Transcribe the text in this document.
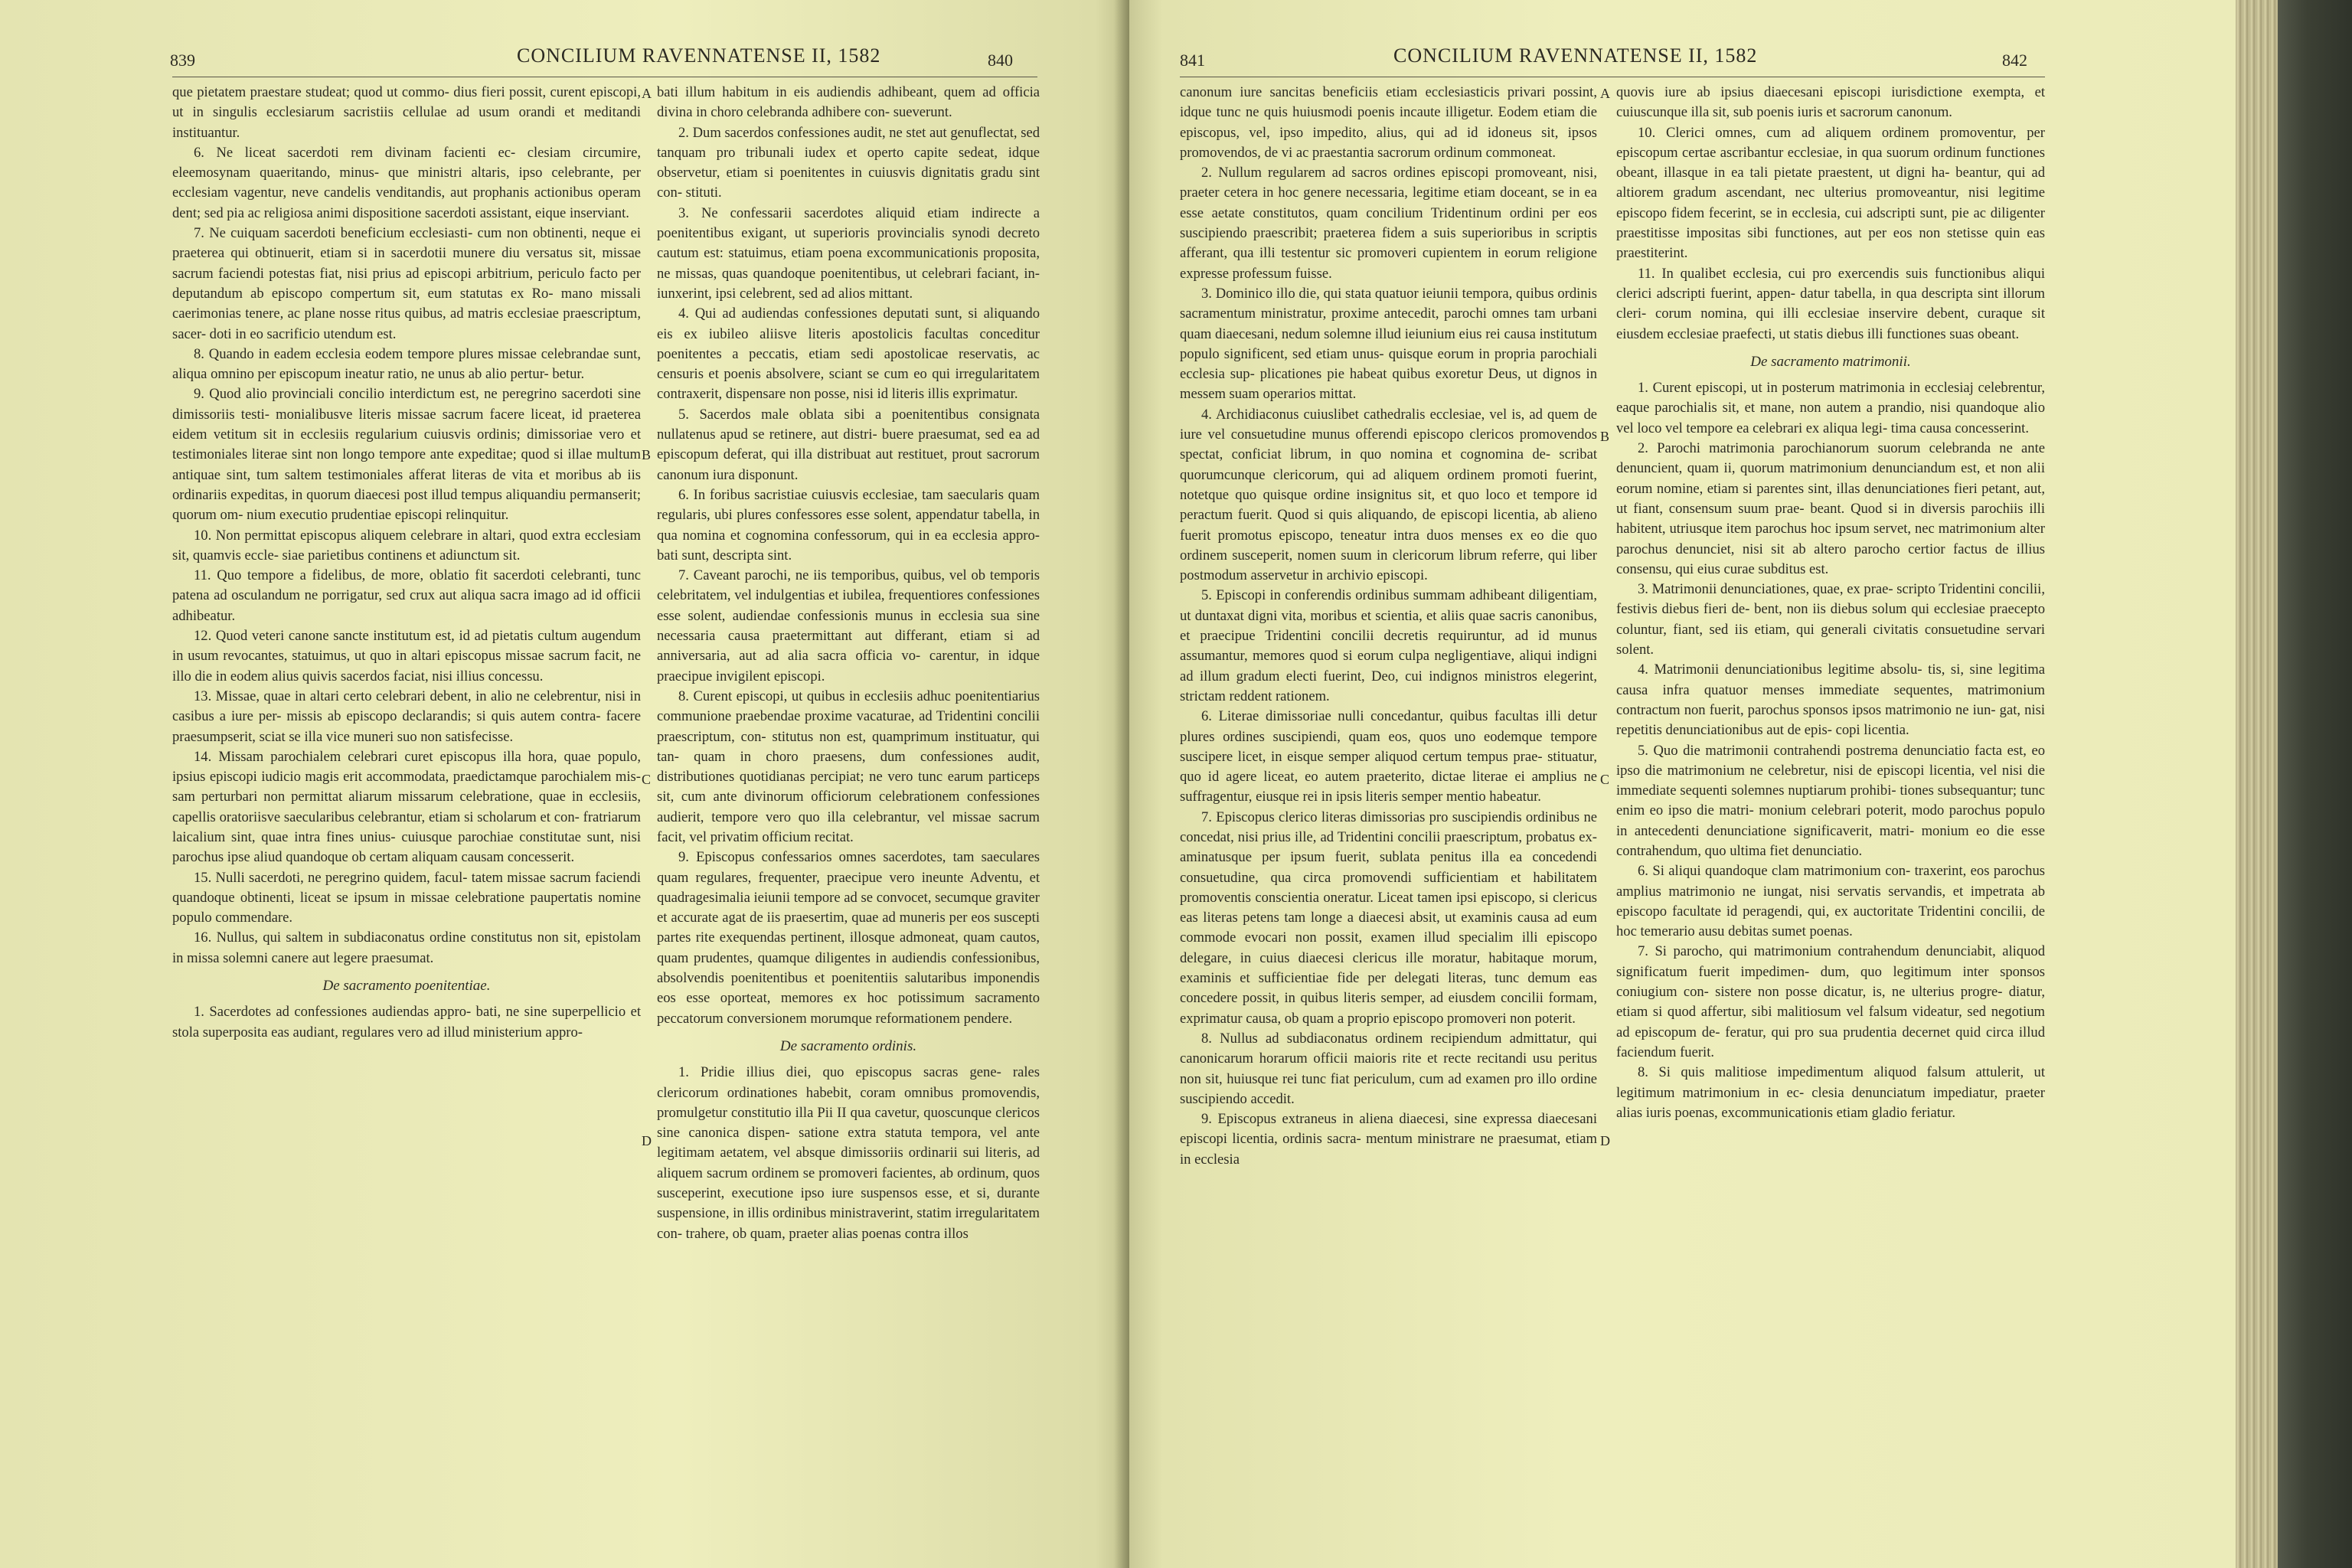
839	CONCILIUM RAVENNATENSE II, 1582	840

que pietatem praestare studeat; quod ut commo- dius fieri possit, curent episcopi, ut in singulis ecclesiarum sacristiis cellulae ad usum orandi et meditandi instituantur.

6. Ne liceat sacerdoti rem divinam facienti ec- clesiam circumire, eleemosynam quaeritando, minus- que ministri altaris, ipso celebrante, per ecclesiam vagentur, neve candelis venditandis, aut prophanis actionibus operam dent; sed pia ac religiosa animi dispositione sacerdoti assistant, eique inserviant.

7. Ne cuiquam sacerdoti beneficium ecclesiasti- cum non obtinenti, neque ei praeterea qui obtinuerit, etiam si in sacerdotii munere diu versatus sit, missae sacrum faciendi potestas fiat, nisi prius ad episcopi arbitrium, periculo facto per deputandum ab episcopo compertum sit, eum statutas ex Ro- mano missali caerimonias tenere, ac plane nosse ritus quibus, ad matris ecclesiae praescriptum, sacer- doti in eo sacrificio utendum est.

8. Quando in eadem ecclesia eodem tempore plures missae celebrandae sunt, aliqua omnino per episcopum ineatur ratio, ne unus ab alio pertur- betur.

9. Quod alio provinciali concilio interdictum est, ne peregrino sacerdoti sine dimissoriis testi- monialibusve literis missae sacrum facere liceat, id praeterea eidem vetitum sit in ecclesiis regularium cuiusvis ordinis; dimissoriae vero et testimoniales literae sint non longo tempore ante expeditae; quod si illae multum antiquae sint, tum saltem testimoniales afferat literas de vita et moribus ab iis ordinariis expeditas, in quorum diaecesi post illud tempus aliquandiu permanserit; quorum om- nium executio prudentiae episcopi relinquitur.

10. Non permittat episcopus aliquem celebrare in altari, quod extra ecclesiam sit, quamvis eccle- siae parietibus continens et adiunctum sit.

11. Quo tempore a fidelibus, de more, oblatio fit sacerdoti celebranti, tunc patena ad osculandum ne porrigatur, sed crux aut aliqua sacra imago ad id officii adhibeatur.

12. Quod veteri canone sancte institutum est, id ad pietatis cultum augendum in usum revocantes, statuimus, ut quo in altari episcopus missae sacrum facit, ne illo die in eodem alius quivis sacerdos faciat, nisi illius concessu.

13. Missae, quae in altari certo celebrari debent, in alio ne celebrentur, nisi in casibus a iure per- missis ab episcopo declarandis; si quis autem contra- facere praesumpserit, sciat se illa vice muneri suo non satisfecisse.

14. Missam parochialem celebrari curet episcopus illa hora, quae populo, ipsius episcopi iudicio magis erit accommodata, praedictamque parochialem mis- sam perturbari non permittat aliarum missarum celebratione, quae in ecclesiis, capellis oratoriisve saecularibus celebrantur, etiam si scholarum et con- fratriarum laicalium sint, quae intra fines unius- cuiusque parochiae constitutae sunt, nisi parochus ipse aliud quandoque ob certam aliquam causam concesserit.

15. Nulli sacerdoti, ne peregrino quidem, facul- tatem missae sacrum faciendi quandoque obtinenti, liceat se ipsum in missae celebratione paupertatis nomine populo commendare.

16. Nullus, qui saltem in subdiaconatus ordine constitutus non sit, epistolam in missa solemni canere aut legere praesumat.

De sacramento poenitentiae.

1. Sacerdotes ad confessiones audiendas appro- bati, ne sine superpellicio et stola superposita eas audiant, regulares vero ad illud ministerium appro-

A
B
C
D

bati illum habitum in eis audiendis adhibeant, quem ad officia divina in choro celebranda adhibere con- sueverunt.

2. Dum sacerdos confessiones audit, ne stet aut genuflectat, sed tanquam pro tribunali iudex et operto capite sedeat, idque observetur, etiam si poenitentes in cuiusvis dignitatis gradu sint con- stituti.

3. Ne confessarii sacerdotes aliquid etiam indirecte a poenitentibus exigant, ut superioris provincialis synodi decreto cautum est: statuimus, etiam poena excommunicationis proposita, ne missas, quas quandoque poenitentibus, ut celebrari faciant, in- iunxerint, ipsi celebrent, sed ad alios mittant.

4. Qui ad audiendas confessiones deputati sunt, si aliquando eis ex iubileo aliisve literis apostolicis facultas conceditur poenitentes a peccatis, etiam sedi apostolicae reservatis, ac censuris et poenis absolvere, sciant se cum eo qui irregularitatem contraxerit, dispensare non posse, nisi id literis illis exprimatur.

5. Sacerdos male oblata sibi a poenitentibus consignata nullatenus apud se retinere, aut distri- buere praesumat, sed ea ad episcopum deferat, qui illa distribuat aut restituet, prout sacrorum canonum iura disponunt.

6. In foribus sacristiae cuiusvis ecclesiae, tam saecularis quam regularis, ubi plures confessores esse solent, appendatur tabella, in qua nomina et cognomina confessorum, qui in ea ecclesia appro- bati sunt, descripta sint.

7. Caveant parochi, ne iis temporibus, quibus, vel ob temporis celebritatem, vel indulgentias et iubilea, frequentiores confessiones esse solent, audiendae confessionis munus in ecclesia sua sine necessaria causa praetermittant aut differant, etiam si ad anniversaria, aut ad alia sacra officia vo- carentur, in idque praecipue invigilent episcopi.

8. Curent episcopi, ut quibus in ecclesiis adhuc poenitentiarius communione praebendae proxime vacaturae, ad Tridentini concilii praescriptum, con- stitutus non est, quamprimum instituatur, qui tan- quam in choro praesens, dum confessiones audit, distributiones quotidianas percipiat; ne vero tunc earum particeps sit, cum ante divinorum officiorum celebrationem confessiones audierit, tempore vero quo illa celebrantur, vel missae sacrum facit, vel privatim officium recitat.

9. Episcopus confessarios omnes sacerdotes, tam saeculares quam regulares, frequenter, praecipue vero ineunte Adventu, et quadragesimalia ieiunii tempore ad se convocet, secumque graviter et accurate agat de iis praesertim, quae ad muneris per eos suscepti partes rite exequendas pertinent, illosque admoneat, quam cautos, quam prudentes, quamque diligentes in audiendis confessionibus, absolvendis poenitentibus et poenitentiis salutaribus imponendis eos esse oporteat, memores ex hoc potissimum sacramento peccatorum conversionem morumque reformationem pendere.

De sacramento ordinis.

1. Pridie illius diei, quo episcopus sacras gene- rales clericorum ordinationes habebit, coram omnibus promovendis, promulgetur constitutio illa Pii II qua cavetur, quoscunque clericos sine canonica dispen- satione extra statuta tempora, vel ante legitimam aetatem, vel absque dimissoriis ordinarii sui literis, ad aliquem sacrum ordinem se promoveri facientes, ab ordinum, quos susceperint, executione ipso iure suspensos esse, et si, durante suspensione, in illis ordinibus ministraverint, statim irregularitatem con- trahere, ob quam, praeter alias poenas contra illos

841	CONCILIUM RAVENNATENSE II, 1582	842

canonum iure sancitas beneficiis etiam ecclesiasticis privari possint, idque tunc ne quis huiusmodi poenis incaute illigetur. Eodem etiam die episcopus, vel, ipso impedito, alius, qui ad id idoneus sit, ipsos promovendos, de vi ac praestantia sacrorum ordinum commoneat.

2. Nullum regularem ad sacros ordines episcopi promoveant, nisi, praeter cetera in hoc genere necessaria, legitime etiam doceant, se in ea esse aetate constitutos, quam concilium Tridentinum ordini per eos suscipiendo praescribit; praeterea fidem a suis superioribus in scriptis afferant, qua illi testentur sic promoveri cupientem in eorum religione expresse professum fuisse.

3. Dominico illo die, qui stata quatuor ieiunii tempora, quibus ordinis sacramentum ministratur, proxime antecedit, parochi omnes tam urbani quam diaecesani, nedum solemne illud ieiunium eius rei causa institutum populo significent, sed etiam unus- quisque eorum in propria parochiali ecclesia sup- plicationes pie habeat quibus exoretur Deus, ut dignos in messem suam operarios mittat.

4. Archidiaconus cuiuslibet cathedralis ecclesiae, vel is, ad quem de iure vel consuetudine munus offerendi episcopo clericos promovendos spectat, conficiat librum, in quo nomina et cognomina de- scribat quorumcunque clericorum, qui ad aliquem ordinem promoti fuerint, notetque quo quisque ordine insignitus sit, et quo loco et tempore id peractum fuerit. Quod si quis aliquando, de episcopi licentia, ab alieno fuerit promotus episcopo, teneatur intra duos menses ex eo die quo ordinem susceperit, nomen suum in clericorum librum referre, qui liber postmodum asservetur in archivio episcopi.

5. Episcopi in conferendis ordinibus summam adhibeant diligentiam, ut duntaxat digni vita, moribus et scientia, et aliis quae sacris canonibus, et praecipue Tridentini concilii decretis requiruntur, ad id munus assumantur, memores quod si eorum culpa negligentiave, aliqui indigni ad illum gradum electi fuerint, Deo, cui indignos ministros elegerint, strictam reddent rationem.

6. Literae dimissoriae nulli concedantur, quibus facultas illi detur plures ordines suscipiendi, quam eos, quos uno eodemque tempore suscipere licet, in eisque semper aliquod certum tempus prae- stituatur, quo id agere liceat, eo autem praeterito, dictae literae ei amplius ne suffragentur, eiusque rei in ipsis literis semper mentio habeatur.

7. Episcopus clerico literas dimissorias pro suscipiendis ordinibus ne concedat, nisi prius ille, ad Tridentini concilii praescriptum, probatus ex- aminatusque per ipsum fuerit, sublata penitus illa ea concedendi consuetudine, qua circa promovendi sufficientiam et habilitatem promoventis conscientia oneratur. Liceat tamen ipsi episcopo, si clericus eas literas petens tam longe a diaecesi absit, ut examinis causa ad eum commode evocari non possit, examen illud specialim illi episcopo delegare, in cuius diaecesi clericus ille moratur, habitaque morum, examinis et sufficientiae fide per delegati literas, tunc demum eas concedere possit, in quibus literis semper, ad eiusdem concilii formam, exprimatur causa, ob quam a proprio episcopo promoveri non poterit.

8. Nullus ad subdiaconatus ordinem recipiendum admittatur, qui canonicarum horarum officii maioris rite et recte recitandi usu peritus non sit, huiusque rei tunc fiat periculum, cum ad examen pro illo ordine suscipiendo accedit.

9. Episcopus extraneus in aliena diaecesi, sine expressa diaecesani episcopi licentia, ordinis sacra- mentum ministrare ne praesumat, etiam in ecclesia

A
B
C
D

quovis iure ab ipsius diaecesani episcopi iurisdictione exempta, et cuiuscunque illa sit, sub poenis iuris et sacrorum canonum.

10. Clerici omnes, cum ad aliquem ordinem promoventur, per episcopum certae ascribantur ecclesiae, in qua suorum ordinum functiones obeant, illasque in ea tali pietate praestent, ut digni ha- beantur, qui ad altiorem gradum ascendant, nec ulterius promoveantur, nisi legitime episcopo fidem fecerint, se in ecclesia, cui adscripti sunt, pie ac diligenter praestitisse impositas sibi functiones, aut per eos non stetisse quin eas praestiterint.

11. In qualibet ecclesia, cui pro exercendis suis functionibus aliqui clerici adscripti fuerint, appen- datur tabella, in qua descripta sint illorum cleri- corum nomina, qui illi ecclesiae inservire debent, curaque sit eiusdem ecclesiae praefecti, ut statis diebus illi functiones suas obeant.

De sacramento matrimonii.

1. Curent episcopi, ut in posterum matrimonia in ecclesiaj celebrentur, eaque parochialis sit, et mane, non autem a prandio, nisi quandoque alio vel loco vel tempore ea celebrari ex aliqua legi- tima causa concesserint.

2. Parochi matrimonia parochianorum suorum celebranda ne ante denuncient, quam ii, quorum matrimonium denunciandum est, et non alii eorum nomine, etiam si parentes sint, illas denunciationes fieri petant, aut, ut fiant, consensum suum prae- beant. Quod si in diversis parochiis illi habitent, utriusque item parochus hoc ipsum servet, nec matrimonium alter parochus denunciet, nisi sit ab altero parocho certior factus de illius consensu, qui eius curae subditus est.

3. Matrimonii denunciationes, quae, ex prae- scripto Tridentini concilii, festivis diebus fieri de- bent, non iis diebus solum qui ecclesiae praecepto coluntur, fiant, sed iis etiam, qui generali civitatis consuetudine servari solent.

4. Matrimonii denunciationibus legitime absolu- tis, si, sine legitima causa infra quatuor menses immediate sequentes, matrimonium contractum non fuerit, parochus sponsos ipsos matrimonio ne iun- gat, nisi repetitis denunciationibus aut de epis- copi licentia.

5. Quo die matrimonii contrahendi postrema denunciatio facta est, eo ipso die matrimonium ne celebretur, nisi de episcopi licentia, vel nisi die immediate sequenti solemnes nuptiarum prohibi- tiones subsequantur; tunc enim eo ipso die matri- monium celebrari poterit, modo parochus populo in antecedenti denunciatione significaverit, matri- monium eo die esse contrahendum, quo ultima fiet denunciatio.

6. Si aliqui quandoque clam matrimonium con- traxerint, eos parochus amplius matrimonio ne iungat, nisi servatis servandis, et impetrata ab episcopo facultate id peragendi, qui, ex auctoritate Tridentini concilii, de hoc temerario ausu debitas sumet poenas.

7. Si parocho, qui matrimonium contrahendum denunciabit, aliquod significatum fuerit impedimen- dum, quo legitimum inter sponsos coniugium con- sistere non posse dicatur, is, ne ulterius progre- diatur, etiam si quod affertur, sibi malitiosum vel falsum videatur, sed negotium ad episcopum de- feratur, qui pro sua prudentia decernet quid circa illud faciendum fuerit.

8. Si quis malitiose impedimentum aliquod falsum attulerit, ut legitimum matrimonium in ec- clesia denunciatum impediatur, praeter alias iuris poenas, excommunicationis etiam gladio feriatur.
